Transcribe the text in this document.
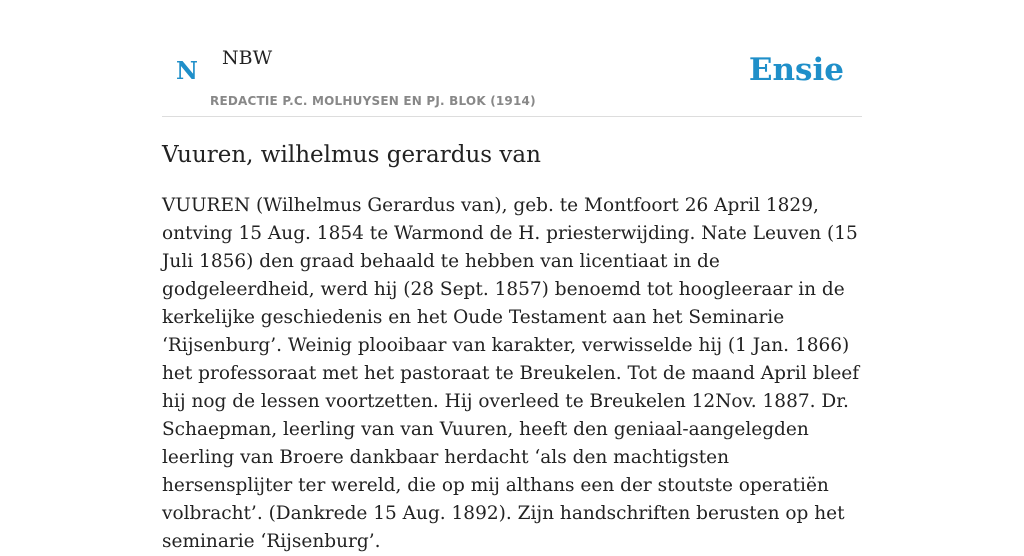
N NBW
REDACTIE P.C. MOLHUYSEN EN PJ. BLOK (1914)
Ensie
Vuuren, wilhelmus gerardus van

VUUREN (Wilhelmus Gerardus van), geb. te Montfoort 26 April 1829, ontving 15 Aug. 1854 te Warmond de H. priesterwijding. Nate Leuven (15 Juli 1856) den graad behaald te hebben van licentiaat in de godgeleerdheid, werd hij (28 Sept. 1857) benoemd tot hoogleeraar in de kerkelijke geschiedenis en het Oude Testament aan het Seminarie ‘Rijsenburg’. Weinig plooibaar van karakter, verwisselde hij (1 Jan. 1866) het professoraat met het pastoraat te Breukelen. Tot de maand April bleef hij nog de lessen voortzetten. Hij overleed te Breukelen 12Nov. 1887. Dr. Schaepman, leerling van van Vuuren, heeft den geniaal-aangelegden leerling van Broere dankbaar herdacht ‘als den machtigsten hersensplijter ter wereld, die op mij althans een der stoutste operatiën volbracht’. (Dankrede 15 Aug. 1892). Zijn handschriften berusten op het seminarie ‘Rijsenburg’.
